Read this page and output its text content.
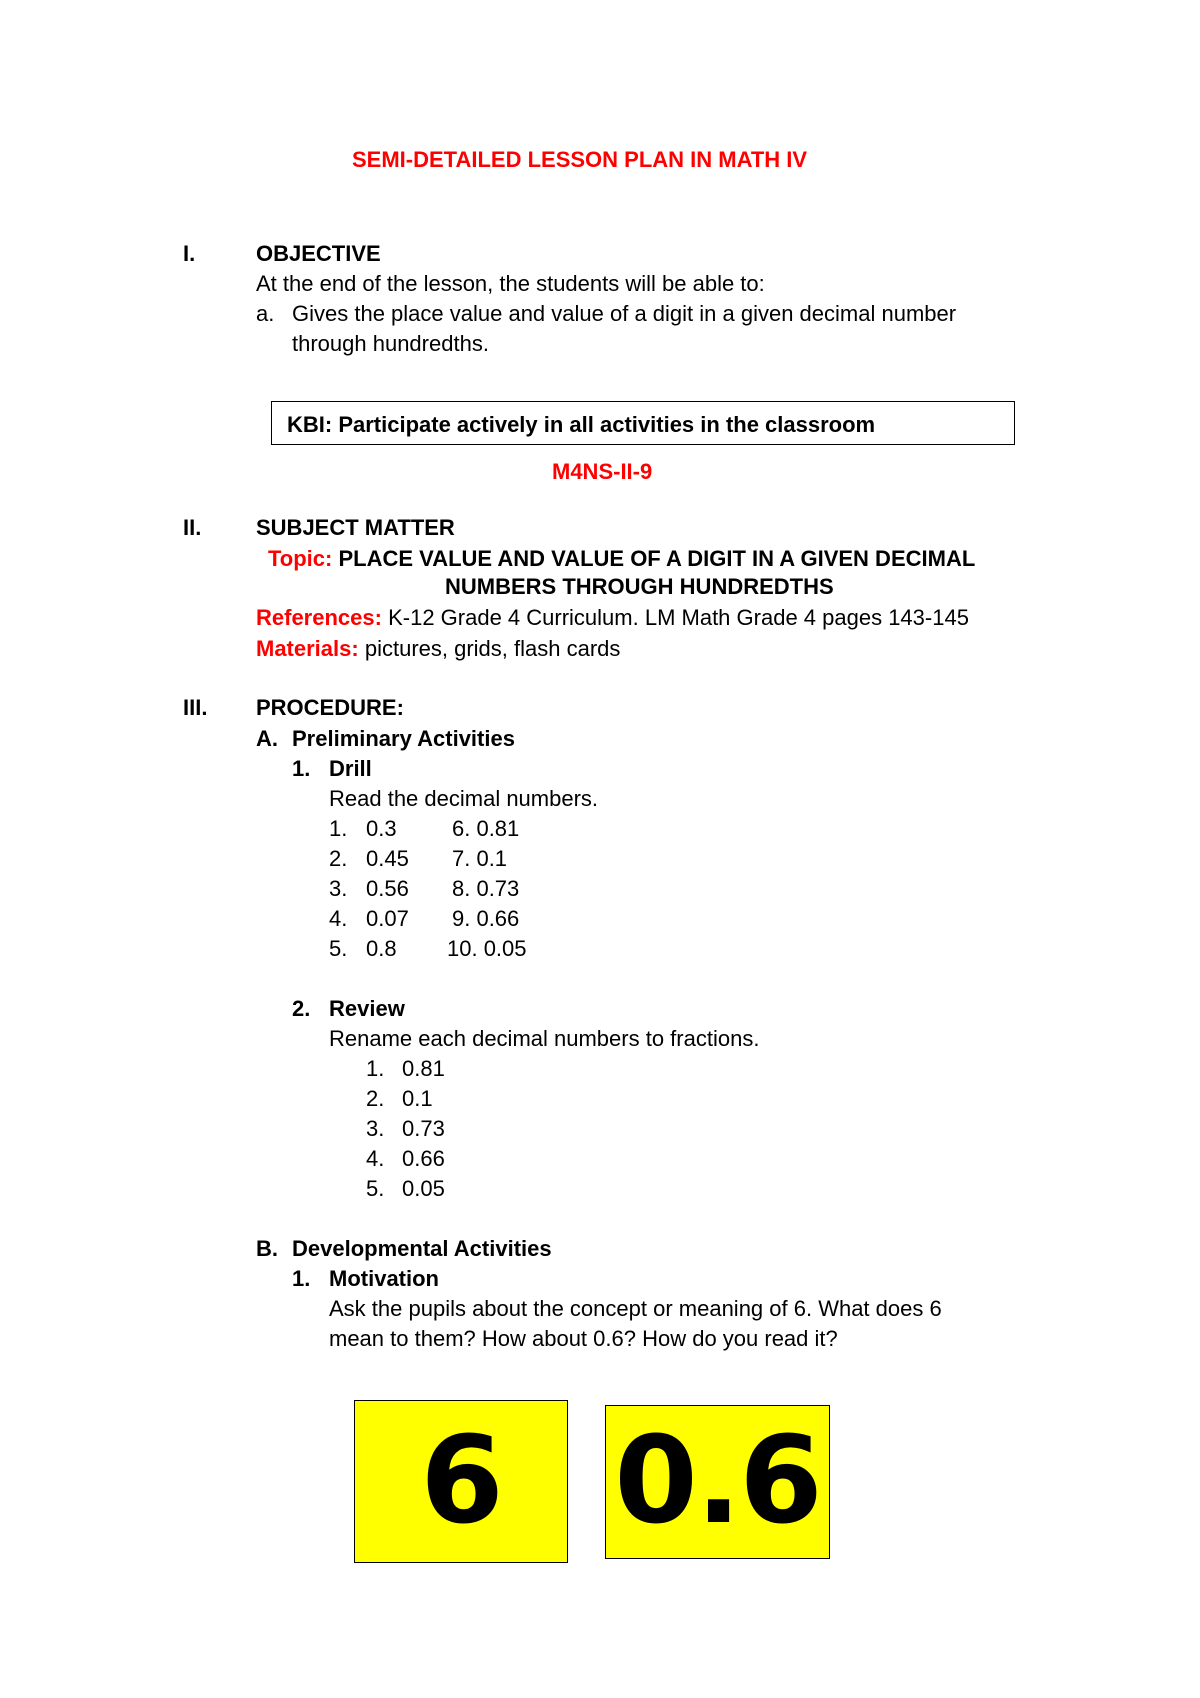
SEMI-DETAILED LESSON PLAN IN MATH IV
I.	OBJECTIVE
At the end of the lesson, the students will be able to:
a. Gives the place value and value of a digit in a given decimal number
through hundredths.
KBI: Participate actively in all activities in the classroom
M4NS-II-9
II. SUBJECT MATTER
Topic: PLACE VALUE AND VALUE OF A DIGIT IN A GIVEN DECIMAL
NUMBERS THROUGH HUNDREDTHS
References: K-12 Grade 4 Curriculum. LM Math Grade 4 pages 143-145
Materials: pictures, grids, flash cards
III. PROCEDURE:
A. Preliminary Activities
1. Drill
Read the decimal numbers.
1. 0.3	6. 0.81
2. 0.45 7. 0.1
3. 0.56 8. 0.73
4. 0.07 9. 0.66
5. 0.8 10. 0.05
2. Review
Rename each decimal numbers to fractions.
1. 0.81
2. 0.1
3. 0.73
4. 0.66
5. 0.05
B. Developmental Activities
1. Motivation
Ask the pupils about the concept or meaning of 6. What does 6
mean to them? How about 0.6? How do you read it?
6 0.6
